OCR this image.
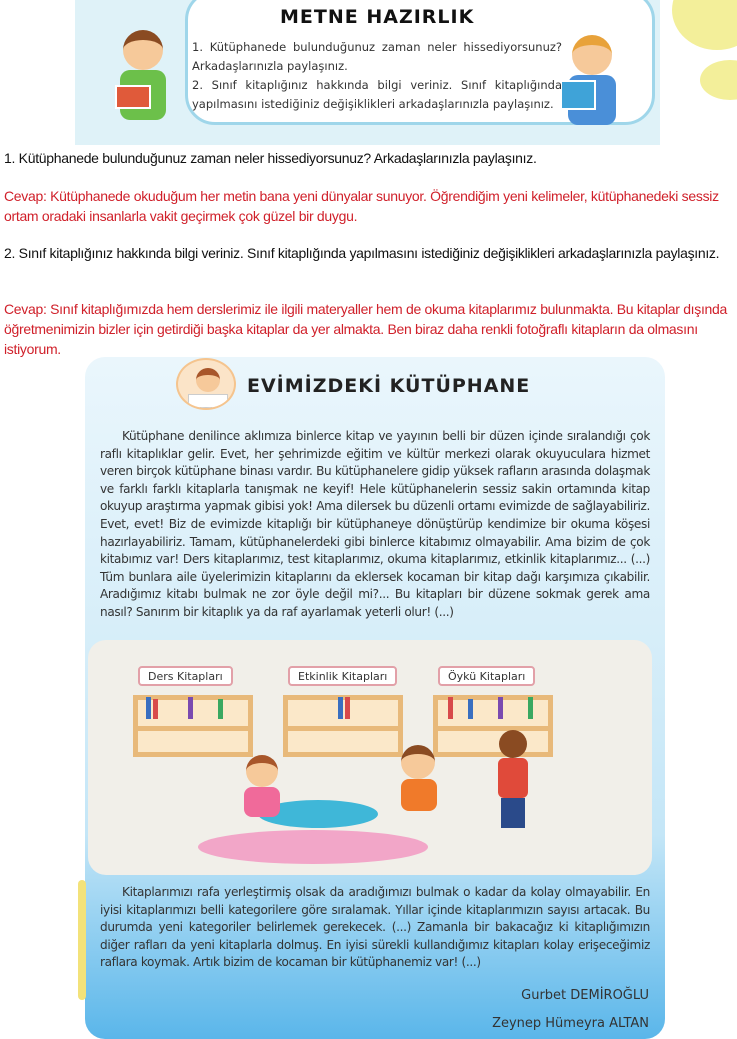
METNE HAZIRLIK
1. Kütüphanede bulunduğunuz zaman neler hissediyorsunuz? Arkadaşlarınızla paylaşınız.
2. Sınıf kitaplığınız hakkında bilgi veriniz. Sınıf kitaplığında yapılmasını istediğiniz değişiklikleri arkadaşlarınızla paylaşınız.
1. Kütüphanede bulunduğunuz zaman neler hissediyorsunuz? Arkadaşlarınızla paylaşınız.
Cevap: Kütüphanede okuduğum her metin bana yeni dünyalar sunuyor. Öğrendiğim yeni kelimeler, kütüphanedeki sessiz ortam oradaki insanlarla vakit geçirmek çok güzel bir duygu.
2. Sınıf kitaplığınız hakkında bilgi veriniz. Sınıf kitaplığında yapılmasını istediğiniz değişiklikleri arkadaşlarınızla paylaşınız.
Cevap: Sınıf kitaplığımızda hem derslerimiz ile ilgili materyaller hem de okuma kitaplarımız bulunmakta. Bu kitaplar dışında öğretmenimizin bizler için getirdiği başka kitaplar da yer almakta. Ben biraz daha renkli fotoğraflı kitapların da olmasını istiyorum.
EVİMİZDEKİ KÜTÜPHANE
Kütüphane denilince aklımıza binlerce kitap ve yayının belli bir düzen içinde sıralandığı çok raflı kitaplıklar gelir. Evet, her şehrimizde eğitim ve kültür merkezi olarak okuyuculara hizmet veren birçok kütüphane binası vardır. Bu kütüphanelere gidip yüksek rafların arasında dolaşmak ve farklı farklı kitaplarla tanışmak ne keyif! Hele kütüphanelerin sessiz sakin ortamında kitap okuyup araştırma yapmak gibisi yok! Ama dilersek bu düzenli ortamı evimizde de sağlayabiliriz. Evet, evet! Biz de evimizde kitaplığı bir kütüphaneye dönüştürüp kendimize bir okuma köşesi hazırlayabiliriz. Tamam, kütüphanelerdeki gibi binlerce kitabımız olmayabilir. Ama bizim de çok kitabımız var! Ders kitaplarımız, test kitaplarımız, okuma kitaplarımız, etkinlik kitaplarımız... (...) Tüm bunlara aile üyelerimizin kitaplarını da eklersek kocaman bir kitap dağı karşımıza çıkabilir. Aradığımız kitabı bulmak ne zor öyle değil mi?... Bu kitapları bir düzene sokmak gerek ama nasıl? Sanırım bir kitaplık ya da raf ayarlamak yeterli olur! (...)
Ders Kitapları	Etkinlik Kitapları	Öykü Kitapları
Kitaplarımızı rafa yerleştirmiş olsak da aradığımızı bulmak o kadar da kolay olmayabilir. En iyisi kitaplarımızı belli kategorilere göre sıralamak. Yıllar içinde kitaplarımızın sayısı artacak. Bu durumda yeni kategoriler belirlemek gerekecek. (...) Zamanla bir bakacağız ki kitaplığımızın diğer rafları da yeni kitaplarla dolmuş. En iyisi sürekli kullandığımız kitapları kolay erişeceğimiz raflara koymak. Artık bizim de kocaman bir kütüphanemiz var! (...)
Gurbet DEMİROĞLU
Zeynep Hümeyra ALTAN
